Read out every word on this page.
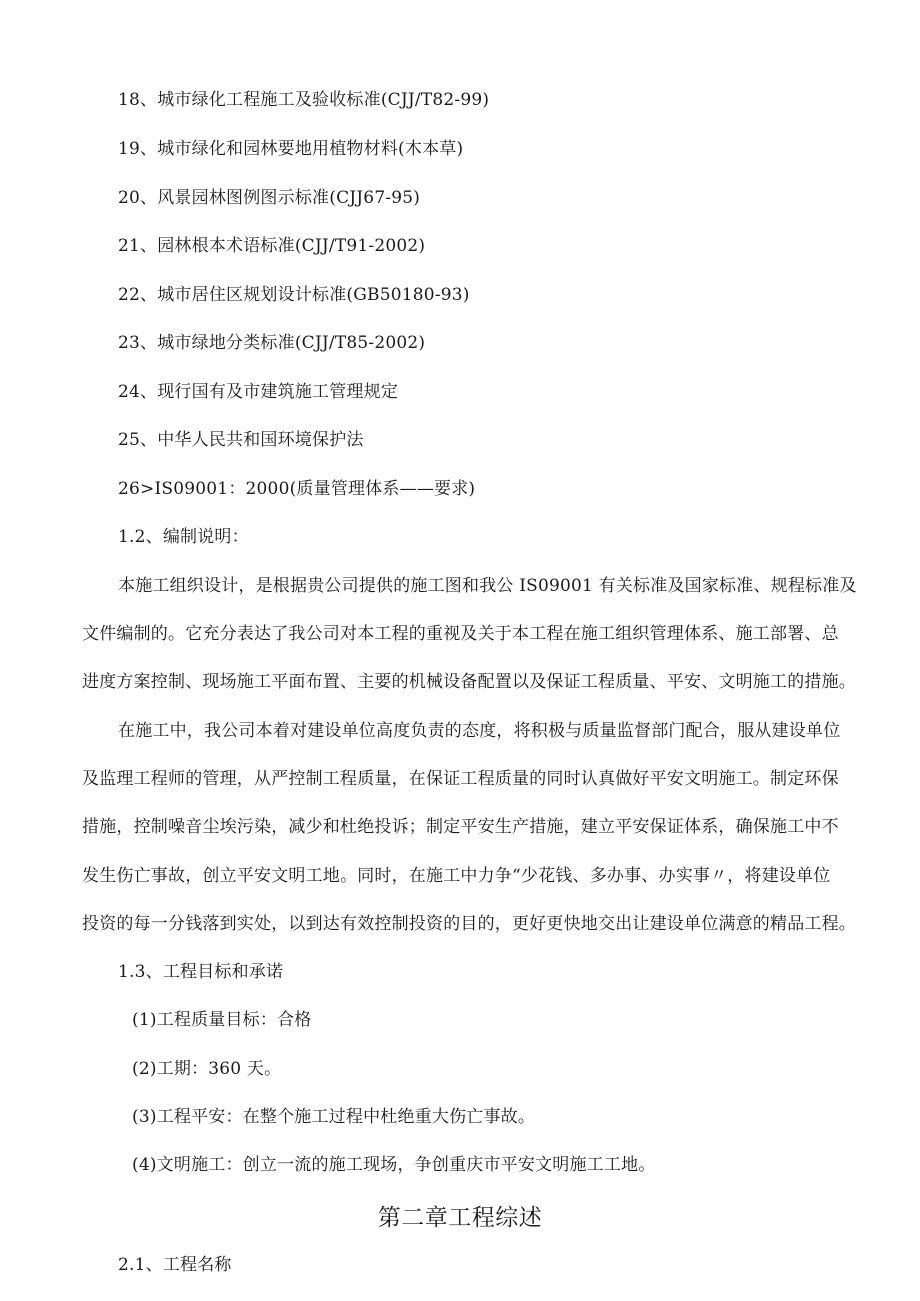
18、城市绿化工程施工及验收标准(CJJ/T82-99)
19、城市绿化和园林要地用植物材料(木本草)
20、风景园林图例图示标准(CJJ67-95)
21、园林根本术语标准(CJJ/T91-2002)
22、城市居住区规划设计标准(GB50180-93)
23、城市绿地分类标准(CJJ/T85-2002)
24、现行国有及市建筑施工管理规定
25、中华人民共和国环境保护法
26>IS09001：2000(质量管理体系——要求)
1.2、编制说明：
本施工组织设计，是根据贵公司提供的施工图和我公 IS09001 有关标准及国家标准、规程标准及
文件编制的。它充分表达了我公司对本工程的重视及关于本工程在施工组织管理体系、施工部署、总
进度方案控制、现场施工平面布置、主要的机械设备配置以及保证工程质量、平安、文明施工的措施。
在施工中，我公司本着对建设单位高度负责的态度，将积极与质量监督部门配合，服从建设单位
及监理工程师的管理，从严控制工程质量，在保证工程质量的同时认真做好平安文明施工。制定环保
措施，控制噪音尘埃污染，减少和杜绝投诉；制定平安生产措施，建立平安保证体系，确保施工中不
发生伤亡事故，创立平安文明工地。同时，在施工中力争“少花钱、多办事、办实事〃，将建设单位
投资的每一分钱落到实处，以到达有效控制投资的目的，更好更快地交出让建设单位满意的精品工程。
1.3、工程目标和承诺
(1)工程质量目标：合格
(2)工期：360 天。
(3)工程平安：在整个施工过程中杜绝重大伤亡事故。
(4)文明施工：创立一流的施工现场，争创重庆市平安文明施工工地。
第二章工程综述
2.1、工程名称
